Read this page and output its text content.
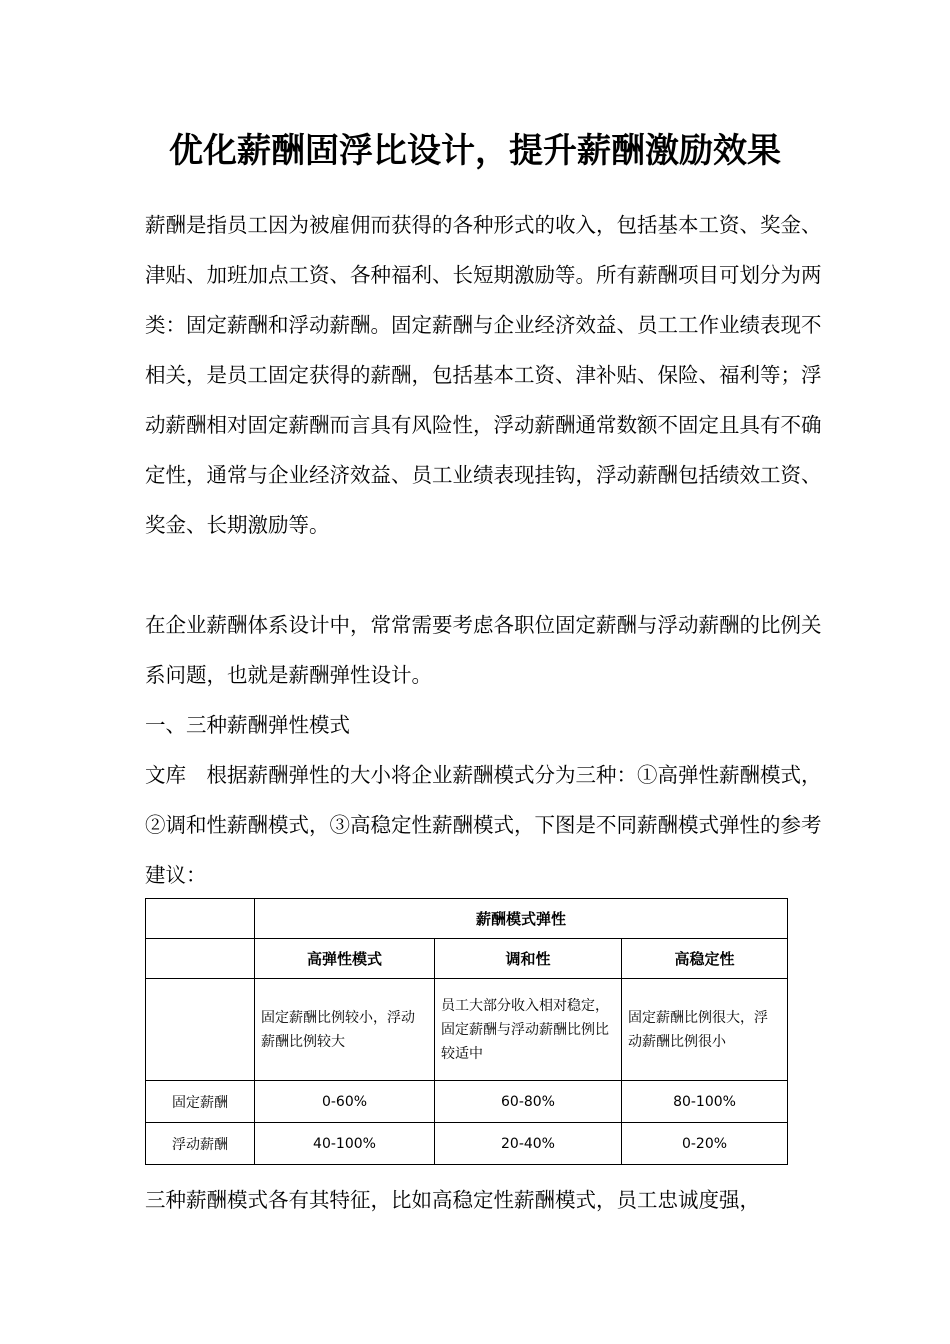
优化薪酬固浮比设计，提升薪酬激励效果

薪酬是指员工因为被雇佣而获得的各种形式的收入，包括基本工资、奖金、津贴、加班加点工资、各种福利、长短期激励等。所有薪酬项目可划分为两类：固定薪酬和浮动薪酬。固定薪酬与企业经济效益、员工工作业绩表现不相关，是员工固定获得的薪酬，包括基本工资、津补贴、保险、福利等；浮动薪酬相对固定薪酬而言具有风险性，浮动薪酬通常数额不固定且具有不确定性，通常与企业经济效益、员工业绩表现挂钩，浮动薪酬包括绩效工资、奖金、长期激励等。

在企业薪酬体系设计中，常常需要考虑各职位固定薪酬与浮动薪酬的比例关系问题，也就是薪酬弹性设计。

一、三种薪酬弹性模式

文库　根据薪酬弹性的大小将企业薪酬模式分为三种：①高弹性薪酬模式，②调和性薪酬模式，③高稳定性薪酬模式，下图是不同薪酬模式弹性的参考建议：

	薪酬模式弹性		
	高弹性模式	调和性	高稳定性
	固定薪酬比例较小，浮动薪酬比例较大	员工大部分收入相对稳定，固定薪酬与浮动薪酬比例比较适中	固定薪酬比例很大，浮动薪酬比例很小
固定薪酬	0-60%	60-80%	80-100%
浮动薪酬	40-100%	20-40%	0-20%

三种薪酬模式各有其特征，比如高稳定性薪酬模式，员工忠诚度强，
